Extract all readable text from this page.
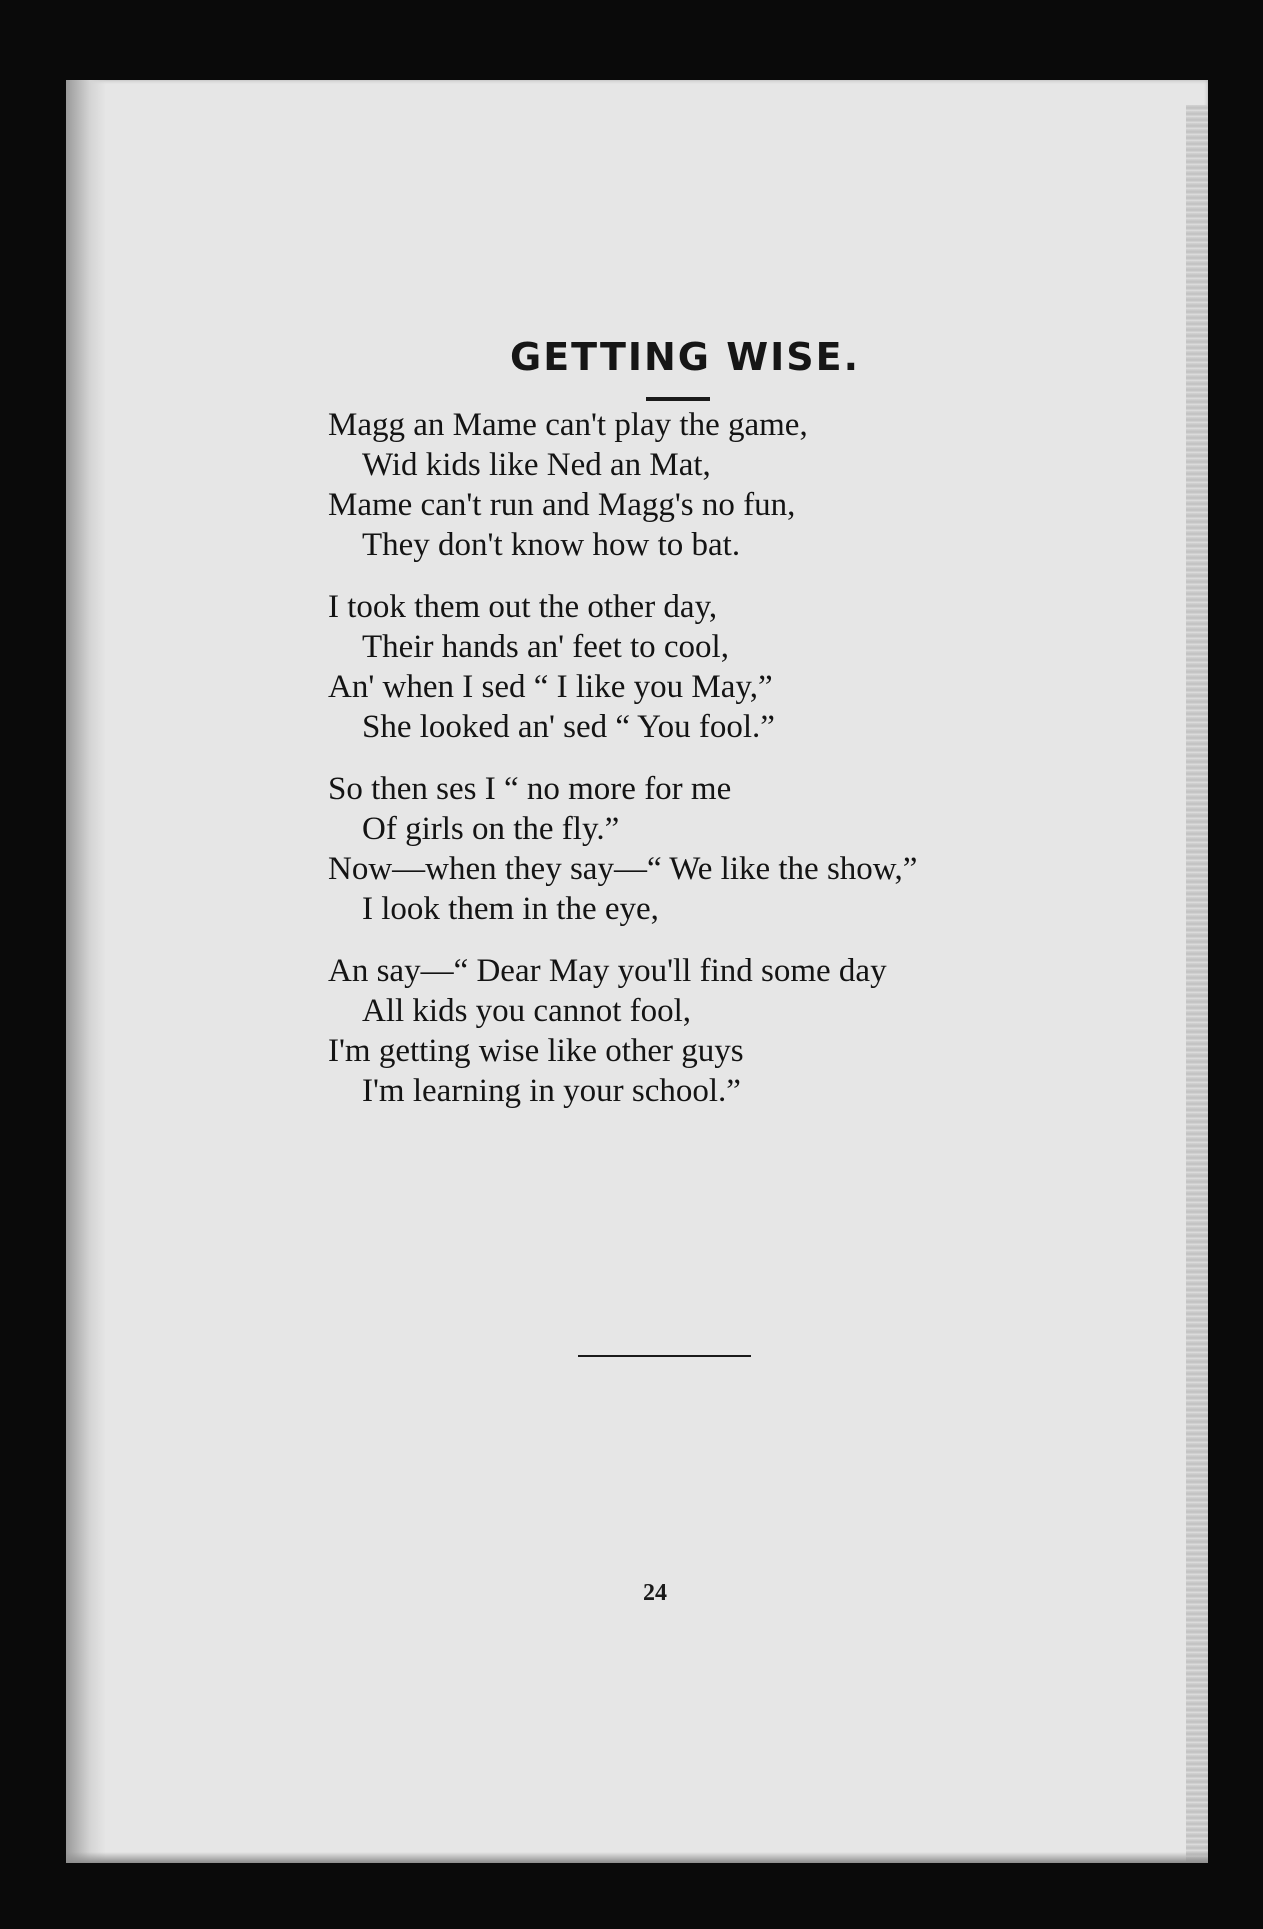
GETTING WISE.
Magg an Mame can't play the game,
Wid kids like Ned an Mat,
Mame can't run and Magg's no fun,
They don't know how to bat.
I took them out the other day,
Their hands an' feet to cool,
An' when I sed “ I like you May,”
She looked an' sed “ You fool.”
So then ses I “ no more for me
Of girls on the fly.”
Now—when they say—“ We like the show,”
I look them in the eye,
An say—“ Dear May you'll find some day
All kids you cannot fool,
I'm getting wise like other guys
I'm learning in your school.”
24
